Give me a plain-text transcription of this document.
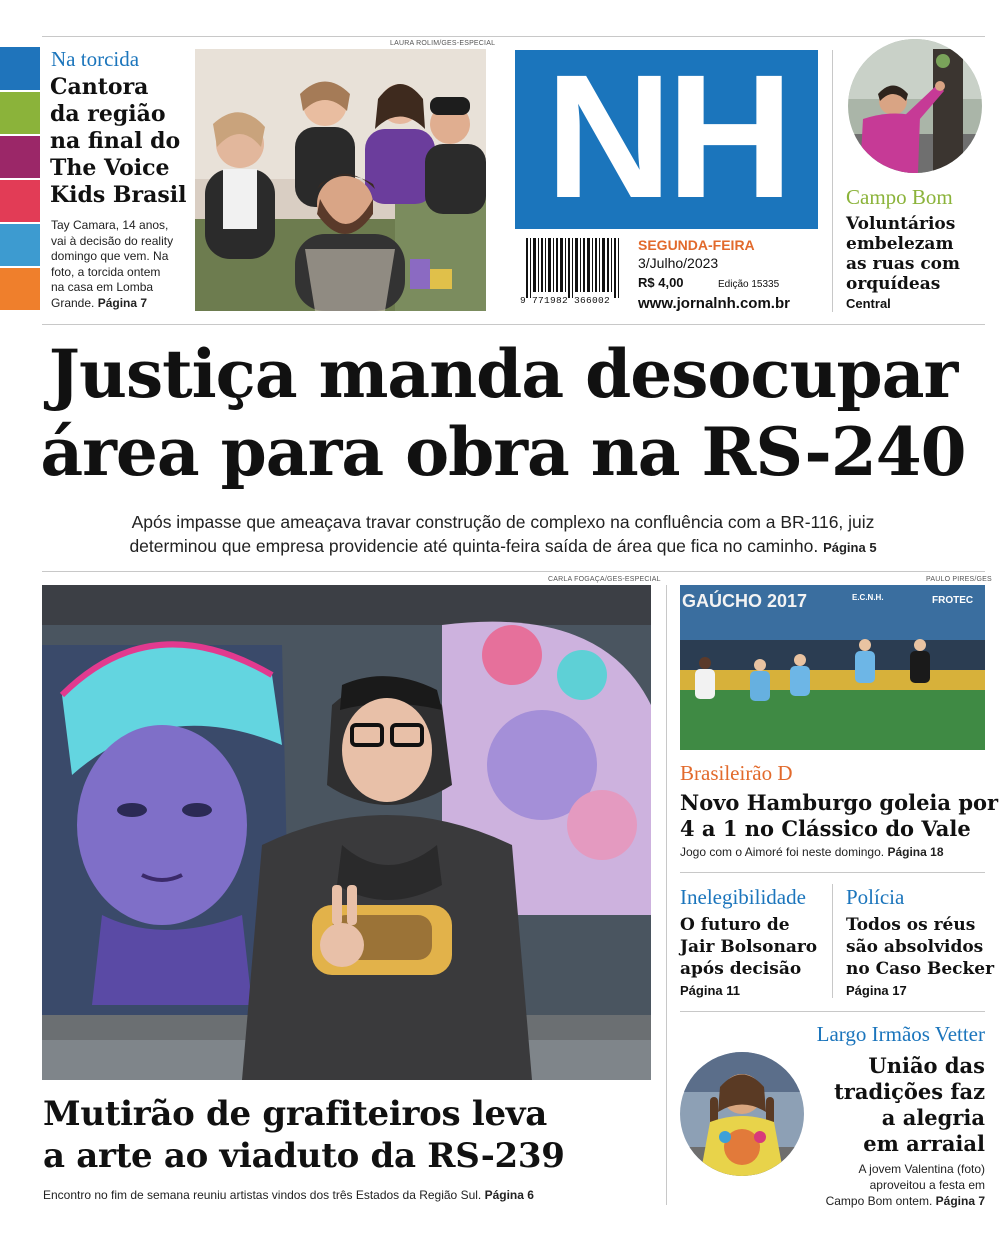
Na torcida
Cantora
da região
na final do
The Voice
Kids Brasil
Tay Camara, 14 anos,
vai à decisão do reality
domingo que vem. Na
foto, a torcida ontem
na casa em Lomba
Grande. Página 7
LAURA ROLIM/GES-ESPECIAL NH
9 771982 366002
SEGUNDA-FEIRA
3/Julho/2023
R$ 4,00	Edição 15335
www.jornalnh.com.br
Campo Bom
Voluntários
embelezam
as ruas com
orquídeas
Central
Justiça manda desocupar
área para obra na RS-240
Após impasse que ameaçava travar construção de complexo na confluência com a BR-116, juiz
determinou que empresa providencie até quinta-feira saída de área que fica no caminho. Página 5
CARLA FOGAÇA/GES-ESPECIAL
Mutirão de grafiteiros leva
a arte ao viaduto da RS-239
Encontro no fim de semana reuniu artistas vindos dos três Estados da Região Sul. Página 6
PAULO PIRES/GES
GAÚCHO 2017	FROTEC
E.C.N.H.
Brasileirão D
Novo Hamburgo goleia por
4 a 1 no Clássico do Vale
Jogo com o Aimoré foi neste domingo. Página 18
Inelegibilidade
O futuro de
Jair Bolsonaro
após decisão
Página 11
Polícia
Todos os réus
são absolvidos
no Caso Becker
Página 17
Largo Irmãos Vetter
União das
tradições faz
a alegria
em arraial
A jovem Valentina (foto)
aproveitou a festa em
Campo Bom ontem. Página 7
